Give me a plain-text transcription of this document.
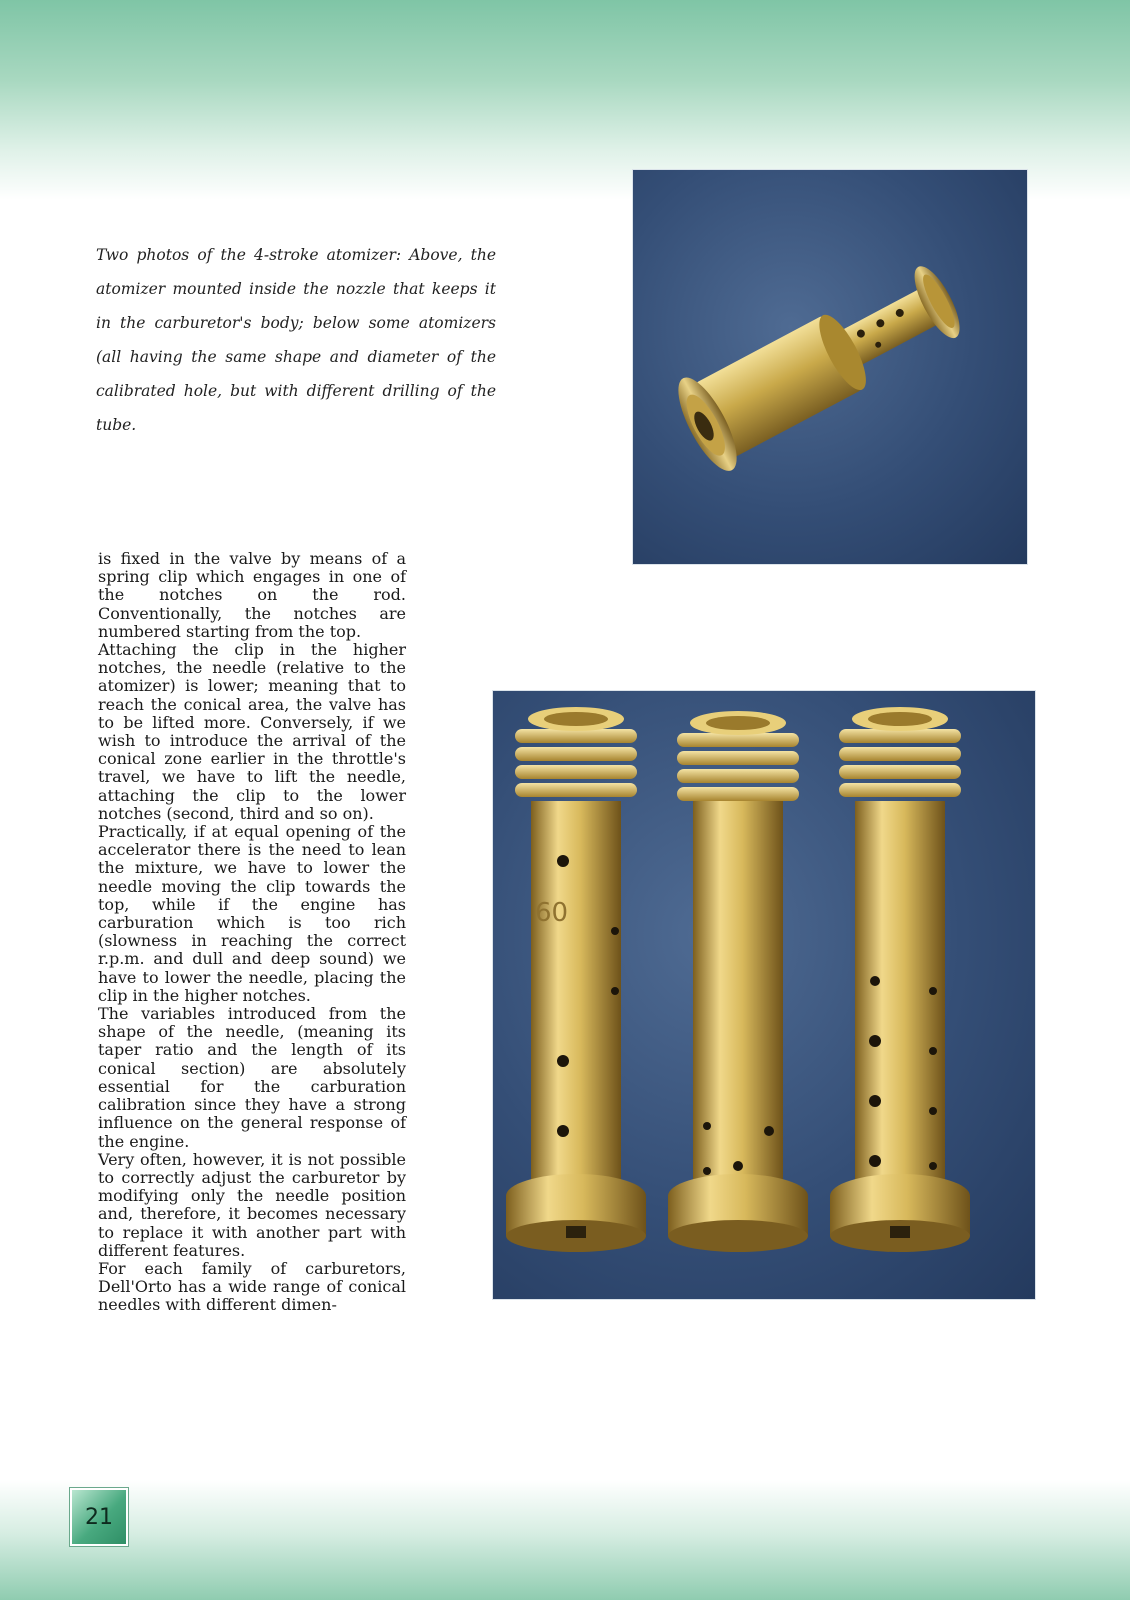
Two photos of the 4-stroke atomizer: Above, the atomizer mounted inside the nozzle that keeps it in the carburetor's body; below some atomizers (all having the same shape and diameter of the calibrated hole, but with different drilling of the tube.

is fixed in the valve by means of a spring clip which engages in one of the notches on the rod. Conventionally, the notches are numbered starting from the top.

Attaching the clip in the higher notches, the needle (relative to the atomizer) is lower; meaning that to reach the conical area, the valve has to be lifted more. Conversely, if we wish to introduce the arrival of the conical zone earlier in the throttle's travel, we have to lift the needle, attaching the clip to the lower notches (second, third and so on).

Practically, if at equal opening of the accelerator there is the need to lean the mixture, we have to lower the needle moving the clip towards the top, while if the engine has carburation which is too rich (slowness in reaching the correct r.p.m. and dull and deep sound) we have to lower the needle, placing the clip in the higher notches.

The variables introduced from the shape of the needle, (meaning its taper ratio and the length of its conical section) are absolutely essential for the carburation calibration since they have a strong influence on the general response of the engine.

Very often, however, it is not possible to correctly adjust the carburetor by modifying only the needle position and, therefore, it becomes necessary to replace it with another part with different features.

For each family of carburetors, Dell'Orto has a wide range of conical needles with different dimen-

60
21
